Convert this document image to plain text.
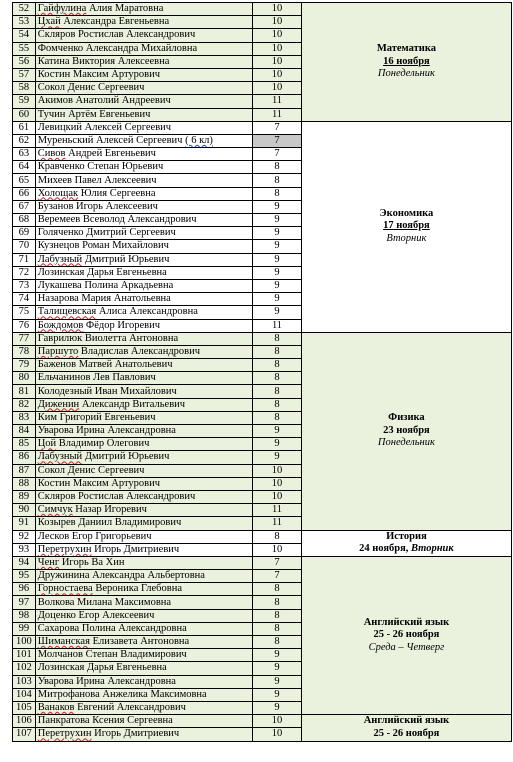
52	Гайфулина Алия Маратовна	10	Математика
16 ноября
Понедельник

53	Цхай Александра Евгеньевна	10	
54	Скляров Ростислав Александрович	10	
55	Фомченко Александра Михайловна	10	
56	Катина Виктория Алексеевна	10	
57	Костин Максим Артурович	10	
58	Сокол Денис Сергеевич	10	
59	Акимов Анатолий Андреевич	11	
60	Тучин Артём Евгеньевич	11	
61	Левицкий Алексей Сергеевич	7	Экономика
17 ноября
Вторник

62	Муреньский Алексей Сергеевич ( 6 кл)	7	
63	Сивов Андрей Евгеньевич	7	
64	Кравченко Степан Юрьевич	8	
65	Михеев Павел Алексеевич	8	
66	Холощак Юлия Сергеевна	8	
67	Бузанов Игорь Алексеевич	9	
68	Веремеев Всеволод Александрович	9	
69	Голяченко Дмитрий Сергеевич	9	
70	Кузнецов Роман Михайлович	9	
71	Лабузный Дмитрий Юрьевич	9	
72	Лозинская Дарья Евгеньевна	9	
73	Лукашева Полина Аркадьевна	9	
74	Назарова Мария Анатольевна	9	
75	Талищевская Алиса Александровна	9	
76	Бождомов Фёдор Игоревич	11	
77	Гаврилюк Виолетта Антоновна	8	Физика
23 ноября
Понедельник

78	Паршуто Владислав Александрович	8	
79	Баженов Матвей Анатольевич	8	
80	Ельчанинов Лев Павлович	8	
81	Колодезный Иван Михайлович	8	
82	Диженин Александр Витальевич	8	
83	Ким Григорий Евгеньевич	8	
84	Уварова Ирина Александровна	9	
85	Цой Владимир Олегович	9	
86	Лабузный Дмитрий Юрьевич	9	
87	Сокол Денис Сергеевич	10	
88	Костин Максим Артурович	10	
89	Скляров Ростислав Александрович	10	
90	Симчук Назар Игоревич	11	
91	Козырев Даниил Владимирович	11	
92	Лесков Егор Григорьевич	8	История
24 ноября, Вторник

93	Перетрухин Игорь Дмитриевич	10	
94	Ченг Игорь Ва Хин	7	Английский язык
25 - 26 ноября
Среда – Четверг

95	Дружинина Александра Альбертовна	7	
96	Горностаева Вероника Глебовна	8	
97	Волкова Милана Максимовна	8	
98	Доценко Егор Алексеевич	8	
99	Сахарова Полина Александровна	8	
100	Шиманская Елизавета Антоновна	8	
101	Молчанов Степан Владимирович	9	
102	Лозинская Дарья Евгеньевна	9	
103	Уварова Ирина Александровна	9	
104	Митрофанова Анжелика Максимовна	9	
105	Ванаков Евгений Александрович	9	
106	Панкратова Ксения Сергеевна	10	Английский язык
25 - 26 ноября

107	Перетрухин Игорь Дмитриевич	10	
